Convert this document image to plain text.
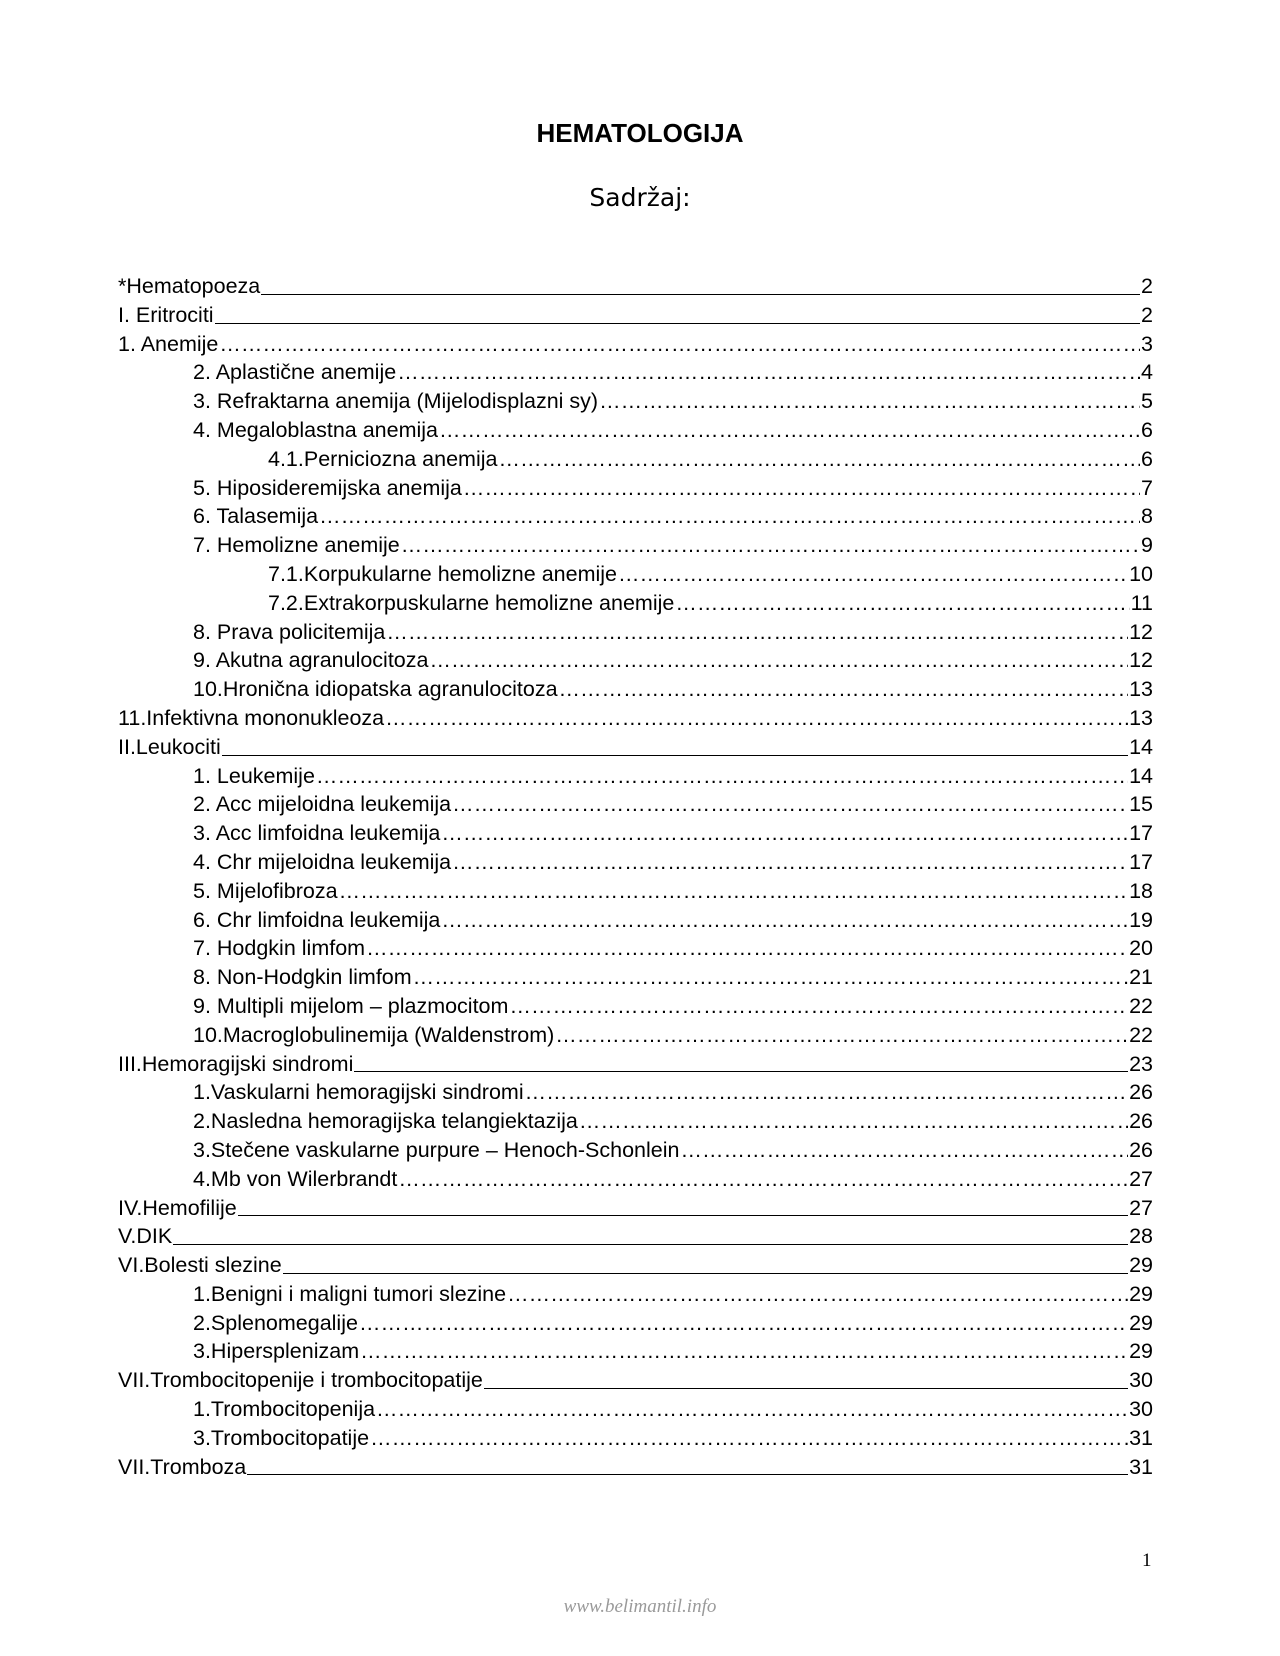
HEMATOLOGIJA
Sadržaj:
*Hematopoeza	2
I. Eritrociti	2
1. Anemije ……………………………………………………………………………………………………………………………………………………………………………………………………	3
2. Aplastične anemije ……………………………………………………………………………………………………………………………………………………………………………………………………	4
3. Refraktarna anemija (Mijelodisplazni sy) ……………………………………………………………………………………………………………………………………………………………………………………………………	5
4. Megaloblastna anemija ……………………………………………………………………………………………………………………………………………………………………………………………………	6
4.1.Perniciozna anemija ……………………………………………………………………………………………………………………………………………………………………………………………………	6
5. Hiposideremijska anemija ……………………………………………………………………………………………………………………………………………………………………………………………………	7
6. Talasemija ……………………………………………………………………………………………………………………………………………………………………………………………………	8
7. Hemolizne anemije ……………………………………………………………………………………………………………………………………………………………………………………………………	9
7.1.Korpukularne hemolizne anemije ……………………………………………………………………………………………………………………………………………………………………………………………………	10
7.2.Extrakorpuskularne hemolizne anemije ……………………………………………………………………………………………………………………………………………………………………………………………………	11
8. Prava policitemija ……………………………………………………………………………………………………………………………………………………………………………………………………	12
9. Akutna agranulocitoza ……………………………………………………………………………………………………………………………………………………………………………………………………	12
10.Hronična idiopatska agranulocitoza ……………………………………………………………………………………………………………………………………………………………………………………………………	13
11.Infektivna mononukleoza ……………………………………………………………………………………………………………………………………………………………………………………………………	13
II.Leukociti	14
1. Leukemije ……………………………………………………………………………………………………………………………………………………………………………………………………	14
2. Acc mijeloidna leukemija ……………………………………………………………………………………………………………………………………………………………………………………………………	15
3. Acc limfoidna leukemija ……………………………………………………………………………………………………………………………………………………………………………………………………	17
4. Chr mijeloidna leukemija ……………………………………………………………………………………………………………………………………………………………………………………………………	17
5. Mijelofibroza ……………………………………………………………………………………………………………………………………………………………………………………………………	18
6. Chr limfoidna leukemija ……………………………………………………………………………………………………………………………………………………………………………………………………	19
7. Hodgkin limfom ……………………………………………………………………………………………………………………………………………………………………………………………………	20
8. Non-Hodgkin limfom ……………………………………………………………………………………………………………………………………………………………………………………………………	21
9. Multipli mijelom – plazmocitom ……………………………………………………………………………………………………………………………………………………………………………………………………	22
10.Macroglobulinemija (Waldenstrom) ……………………………………………………………………………………………………………………………………………………………………………………………………	22
III.Hemoragijski sindromi	23
1.Vaskularni hemoragijski sindromi ……………………………………………………………………………………………………………………………………………………………………………………………………	26
2.Nasledna hemoragijska telangiektazija ……………………………………………………………………………………………………………………………………………………………………………………………………	26
3.Stečene vaskularne purpure – Henoch-Schonlein ……………………………………………………………………………………………………………………………………………………………………………………………………	26
4.Mb von Wilerbrandt ……………………………………………………………………………………………………………………………………………………………………………………………………	27
IV.Hemofilije	27
V.DIK	28
VI.Bolesti slezine	29
1.Benigni i maligni tumori slezine ……………………………………………………………………………………………………………………………………………………………………………………………………	29
2.Splenomegalije ……………………………………………………………………………………………………………………………………………………………………………………………………	29
3.Hipersplenizam ……………………………………………………………………………………………………………………………………………………………………………………………………	29
VII.Trombocitopenije i trombocitopatije	30
1.Trombocitopenija ……………………………………………………………………………………………………………………………………………………………………………………………………	30
3.Trombocitopatije ……………………………………………………………………………………………………………………………………………………………………………………………………	31
VII.Tromboza	31
1
www.belimantil.info
